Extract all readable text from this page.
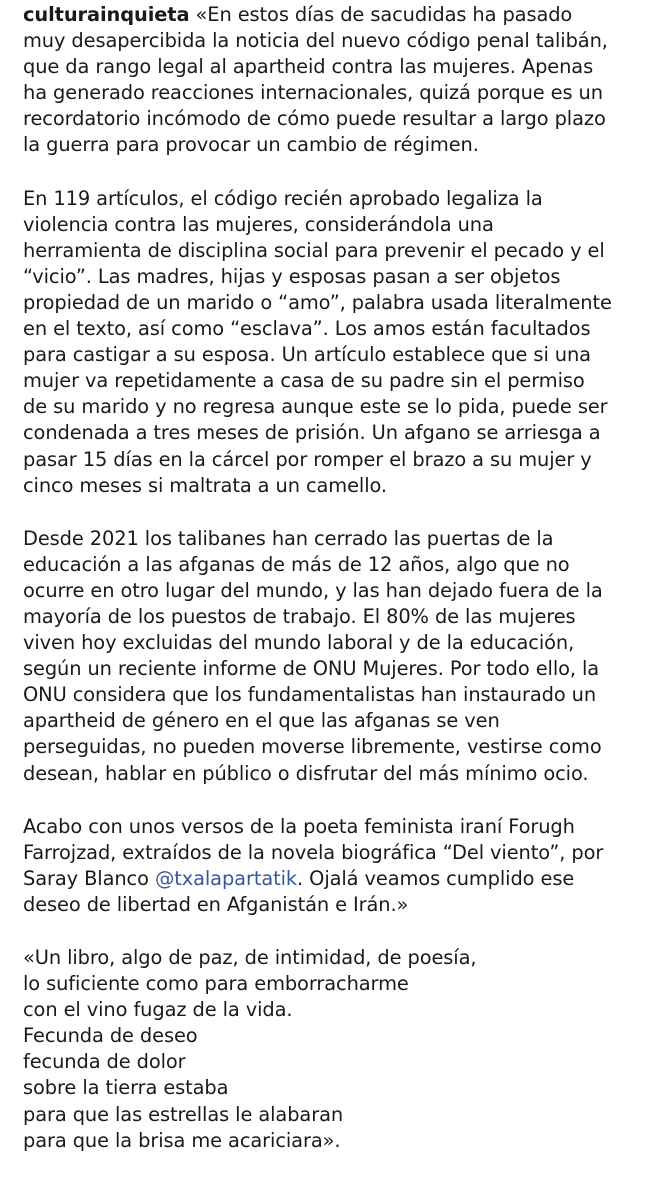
culturainquieta «En estos días de sacudidas ha pasado
muy desapercibida la noticia del nuevo código penal talibán,
que da rango legal al apartheid contra las mujeres. Apenas
ha generado reacciones internacionales, quizá porque es un
recordatorio incómodo de cómo puede resultar a largo plazo
la guerra para provocar un cambio de régimen.

En 119 artículos, el código recién aprobado legaliza la
violencia contra las mujeres, considerándola una
herramienta de disciplina social para prevenir el pecado y el
“vicio”. Las madres, hijas y esposas pasan a ser objetos
propiedad de un marido o “amo”, palabra usada literalmente
en el texto, así como “esclava”. Los amos están facultados
para castigar a su esposa. Un artículo establece que si una
mujer va repetidamente a casa de su padre sin el permiso
de su marido y no regresa aunque este se lo pida, puede ser
condenada a tres meses de prisión. Un afgano se arriesga a
pasar 15 días en la cárcel por romper el brazo a su mujer y
cinco meses si maltrata a un camello.

Desde 2021 los talibanes han cerrado las puertas de la
educación a las afganas de más de 12 años, algo que no
ocurre en otro lugar del mundo, y las han dejado fuera de la
mayoría de los puestos de trabajo. El 80% de las mujeres
viven hoy excluidas del mundo laboral y de la educación,
según un reciente informe de ONU Mujeres. Por todo ello, la
ONU considera que los fundamentalistas han instaurado un
apartheid de género en el que las afganas se ven
perseguidas, no pueden moverse libremente, vestirse como
desean, hablar en público o disfrutar del más mínimo ocio.

Acabo con unos versos de la poeta feminista iraní Forugh
Farrojzad, extraídos de la novela biográfica “Del viento”, por
Saray Blanco @txalapartatik. Ojalá veamos cumplido ese
deseo de libertad en Afganistán e Irán.»

«Un libro, algo de paz, de intimidad, de poesía,
lo suficiente como para emborracharme
con el vino fugaz de la vida.
Fecunda de deseo
fecunda de dolor
sobre la tierra estaba
para que las estrellas le alabaran
para que la brisa me acariciara».
